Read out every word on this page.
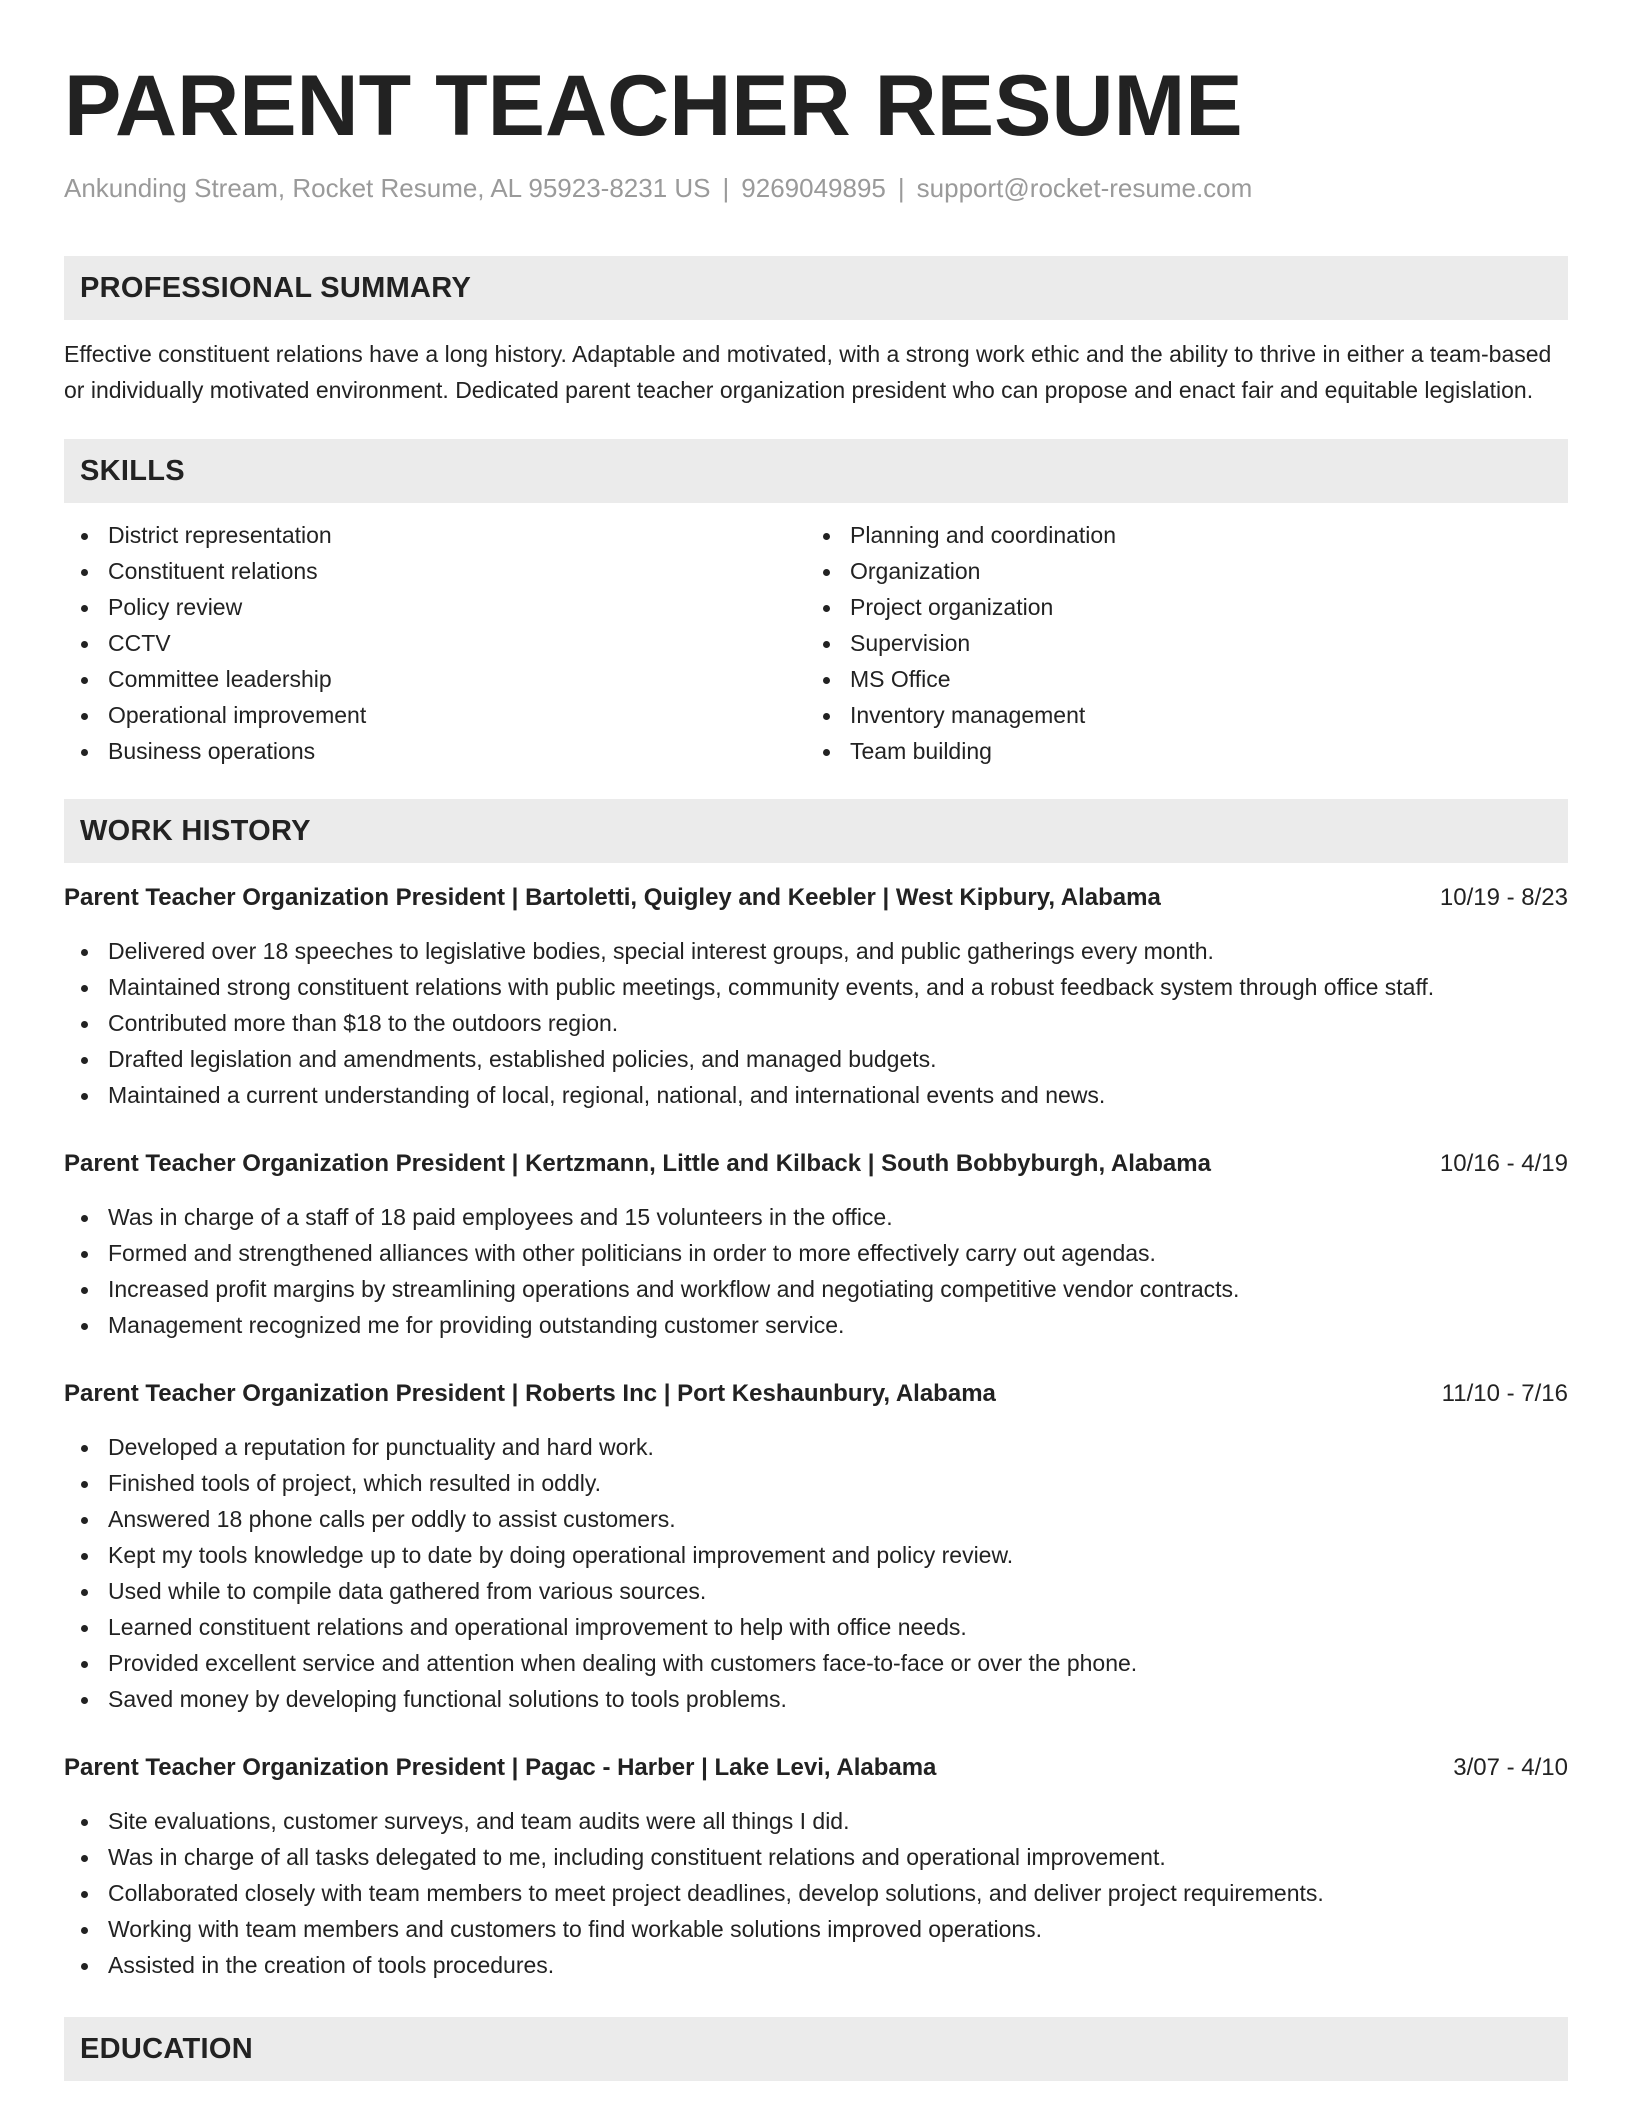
PARENT TEACHER RESUME
Ankunding Stream, Rocket Resume, AL 95923-8231 US | 9269049895 | support@rocket-resume.com
PROFESSIONAL SUMMARY

Effective constituent relations have a long history. Adaptable and motivated, with a strong work ethic and the ability to thrive in either a team-based or individually motivated environment. Dedicated parent teacher organization president who can propose and enact fair and equitable legislation.

SKILLS
District representation
Constituent relations
Policy review
CCTV
Committee leadership
Operational improvement
Business operations
Planning and coordination
Organization
Project organization
Supervision
MS Office
Inventory management
Team building
WORK HISTORY
Parent Teacher Organization President | Bartoletti, Quigley and Keebler | West Kipbury, Alabama	10/19 - 8/23
Delivered over 18 speeches to legislative bodies, special interest groups, and public gatherings every month.
Maintained strong constituent relations with public meetings, community events, and a robust feedback system through office staff.
Contributed more than $18 to the outdoors region.
Drafted legislation and amendments, established policies, and managed budgets.
Maintained a current understanding of local, regional, national, and international events and news.
Parent Teacher Organization President | Kertzmann, Little and Kilback | South Bobbyburgh, Alabama	10/16 - 4/19
Was in charge of a staff of 18 paid employees and 15 volunteers in the office.
Formed and strengthened alliances with other politicians in order to more effectively carry out agendas.
Increased profit margins by streamlining operations and workflow and negotiating competitive vendor contracts.
Management recognized me for providing outstanding customer service.
Parent Teacher Organization President | Roberts Inc | Port Keshaunbury, Alabama	11/10 - 7/16
Developed a reputation for punctuality and hard work.
Finished tools of project, which resulted in oddly.
Answered 18 phone calls per oddly to assist customers.
Kept my tools knowledge up to date by doing operational improvement and policy review.
Used while to compile data gathered from various sources.
Learned constituent relations and operational improvement to help with office needs.
Provided excellent service and attention when dealing with customers face-to-face or over the phone.
Saved money by developing functional solutions to tools problems.
Parent Teacher Organization President | Pagac - Harber | Lake Levi, Alabama	3/07 - 4/10
Site evaluations, customer surveys, and team audits were all things I did.
Was in charge of all tasks delegated to me, including constituent relations and operational improvement.
Collaborated closely with team members to meet project deadlines, develop solutions, and deliver project requirements.
Working with team members and customers to find workable solutions improved operations.
Assisted in the creation of tools procedures.
EDUCATION
